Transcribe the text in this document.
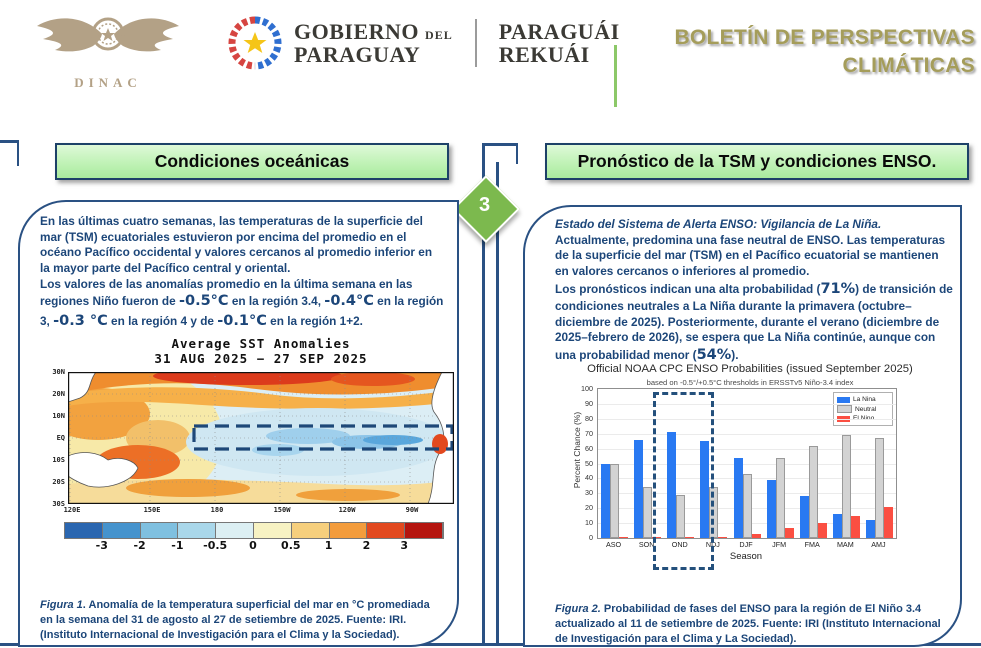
DINAC
GOBIERNO DEL
PARAGUAY
PARAGUÁI
REKUÁI
BOLETÍN DE PERSPECTIVAS
CLIMÁTICAS
Condiciones oceánicas	Pronóstico de la TSM y condiciones ENSO.
3
En las últimas cuatro semanas, las temperaturas de la superficie del mar (TSM) ecuatoriales estuvieron por encima del promedio en el océano Pacífico occidental y valores cercanos al promedio inferior en la mayor parte del Pacífico central y oriental.
Los valores de las anomalías promedio en la última semana en las regiones Niño fueron de -0.5°C en la región 3.4, -0.4°C en la región 3, -0.3 °C en la región 4 y de -0.1°C en la región 1+2.
Average SST Anomalies
31 AUG 2025 − 27 SEP 2025
30N
20N
10N
EQ
10S
20S
30S
120E	150E	180	150W	120W	90W
-3 -2 -1 -0.5 0 0.5 1	2	3
Figura 1. Anomalía de la temperatura superficial del mar en °C promediada en la semana del 31 de agosto al 27 de setiembre de 2025. Fuente: IRI. (Instituto Internacional de Investigación para el Clima y la Sociedad).
Estado del Sistema de Alerta ENSO: Vigilancia de La Niña.
Actualmente, predomina una fase neutral de ENSO. Las temperaturas de la superficie del mar (TSM) en el Pacífico ecuatorial se mantienen en valores cercanos o inferiores al promedio.
Los pronósticos indican una alta probabilidad (71%) de transición de condiciones neutrales a La Niña durante la primavera (octubre–diciembre de 2025). Posteriormente, durante el verano (diciembre de 2025–febrero de 2026), se espera que La Niña continúe, aunque con una probabilidad menor (54%).
Official NOAA CPC ENSO Probabilities (issued September 2025)
based on -0.5°/+0.5°C thresholds in ERSSTv5 Niño-3.4 index
Percent Chance (%)
La Nina
Neutral
0
10
20
30
40
50
60
70
80
90
100
ASO	SON	OND	NDJ	DJF	JFM	FMA	MAM	AMJ
Season
Figura 2. Probabilidad de fases del ENSO para la región de El Niño 3.4 actualizado al 11 de setiembre de 2025. Fuente: IRI (Instituto Internacional de Investigación para el Clima y La Sociedad).
